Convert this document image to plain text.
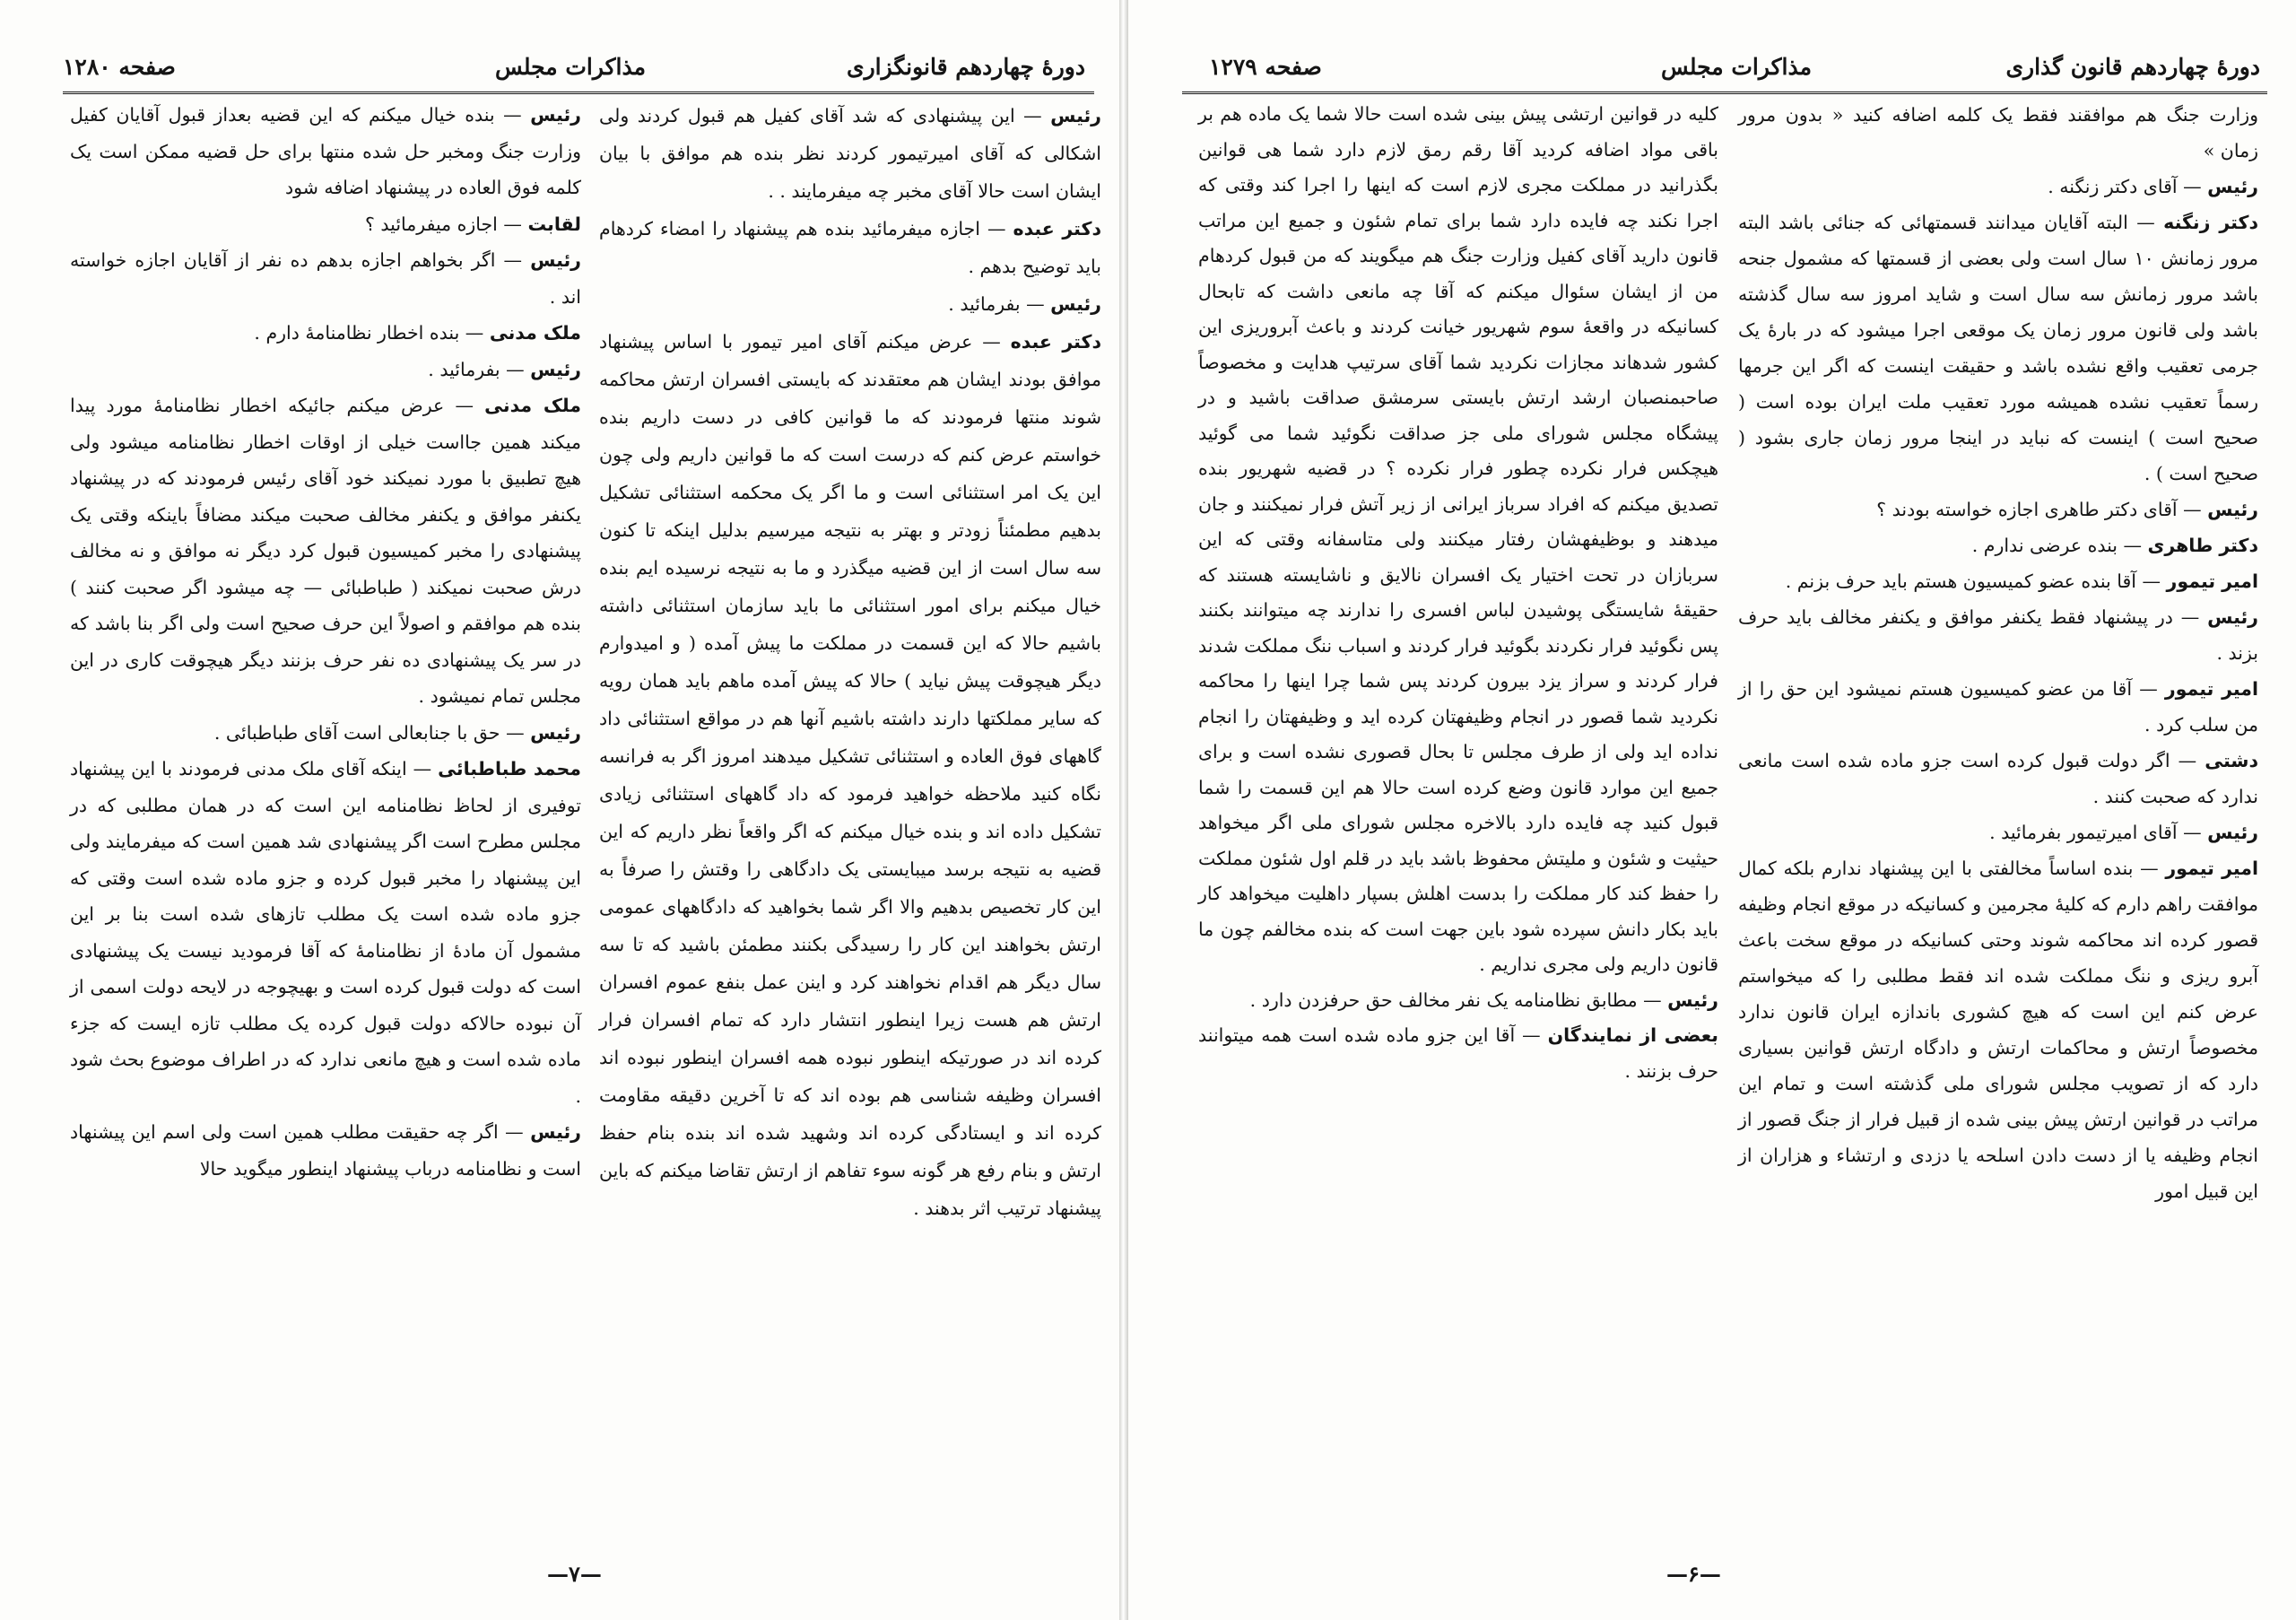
دورۀ چهاردهم قانونگزاری
مذاکرات مجلس
صفحه ۱۲۸۰

رئیس — این پیشنهادی که شد آقای کفیل هم قبول کردند ولی اشکالی که آقای امیرتیمور کردند نظر بنده هم موافق با بیان ایشان است حالا آقای مخبر چه میفرمایند . .

دکتر عبده — اجازه میفرمائید بنده هم پیشنهاد را امضاء کردهام باید توضیح بدهم .

رئیس — بفرمائید .

دکتر عبده — عرض میکنم آقای امیر تیمور با اساس پیشنهاد موافق بودند ایشان هم معتقدند که بایستی افسران ارتش محاکمه شوند منتها فرمودند که ما قوانین کافی در دست داریم بنده خواستم عرض کنم که درست است که ما قوانین داریم ولی چون این یک امر استثنائی است و ما اگر یک محکمه استثنائی تشکیل بدهیم مطمئناً زودتر و بهتر به نتیجه میرسیم بدلیل اینکه تا کنون سه سال است از این قضیه میگذرد و ما به نتیجه نرسیده ایم بنده خیال میکنم برای امور استثنائی ما باید سازمان استثنائی داشته باشیم حالا که این قسمت در مملکت ما پیش آمده ( و امیدوارم دیگر هیچوقت پیش نیاید ) حالا که پیش آمده ماهم باید همان رویه که سایر مملکتها دارند داشته باشیم آنها هم در مواقع استثنائی داد گاههای فوق العاده و استثنائی تشکیل میدهند امروز اگر به فرانسه نگاه کنید ملاحظه خواهید فرمود که داد گاههای استثنائی زیادی تشکیل داده اند و بنده خیال میکنم که اگر واقعاً نظر داریم که این قضیه به نتیجه برسد میبایستی یک دادگاهی را وقتش را صرفاً به این کار تخصیص بدهیم والا اگر شما بخواهید که دادگاههای عمومی ارتش بخواهند این کار را رسیدگی بکنند مطمئن باشید که تا سه سال دیگر هم اقدام نخواهند کرد و اینن عمل بنفع عموم افسران ارتش هم هست زیرا اینطور انتشار دارد که تمام افسران فرار کرده اند در صورتیکه اینطور نبوده همه افسران اینطور نبوده اند افسران وظیفه شناسی هم بوده اند که تا آخرین دقیقه مقاومت کرده اند و ایستادگی کرده اند وشهید شده اند بنده بنام حفظ ارتش و بنام رفع هر گونه سوء تفاهم از ارتش تقاضا میکنم که باین پیشنهاد ترتیب اثر بدهند .

رئیس — بنده خیال میکنم که این قضیه بعداز قبول آقایان کفیل وزارت جنگ ومخبر حل شده منتها برای حل قضیه ممکن است یک کلمه فوق العاده در پیشنهاد اضافه شود

لقابت — اجازه میفرمائید ؟

رئیس — اگر بخواهم اجازه بدهم ده نفر از آقایان اجازه خواسته اند .

ملک مدنی — بنده اخطار نظامنامۀ دارم .

رئیس — بفرمائید .

ملک مدنی — عرض میکنم جائیکه اخطار نظامنامۀ مورد پیدا میکند همین جااست خیلی از اوقات اخطار نظامنامه میشود ولی هیچ تطبیق با مورد نمیکند خود آقای رئیس فرمودند که در پیشنهاد یکنفر موافق و یکنفر مخالف صحبت میکند مضافاً باینکه وقتی یک پیشنهادی را مخبر کمیسیون قبول کرد دیگر نه موافق و نه مخالف درش صحبت نمیکند ( طباطبائی — چه میشود اگر صحبت کنند ) بنده هم موافقم و اصولاً این حرف صحیح است ولی اگر بنا باشد که در سر یک پیشنهادی ده نفر حرف بزنند دیگر هیچوقت کاری در این مجلس تمام نمیشود .

رئیس — حق با جنابعالی است آقای طباطبائی .

محمد طباطبائی — اینکه آقای ملک مدنی فرمودند با این پیشنهاد توفیری از لحاظ نظامنامه این است که در همان مطلبی که در مجلس مطرح است اگر پیشنهادی شد همین است که میفرمایند ولی این پیشنهاد را مخبر قبول کرده و جزو ماده شده است وقتی که جزو ماده شده است یک مطلب تازهای شده است بنا بر این مشمول آن مادۀ از نظامنامۀ که آقا فرمودید نیست یک پیشنهادی است که دولت قبول کرده است و بهیچوجه در لایحه دولت اسمی از آن نبوده حالاکه دولت قبول کرده یک مطلب تازه ایست که جزء ماده شده است و هیچ مانعی ندارد که در اطراف موضوع بحث شود .

رئیس — اگر چه حقیقت مطلب همین است ولی اسم این پیشنهاد است و نظامنامه درباب پیشنهاد اینطور میگوید حالا

—۷—
دورۀ چهاردهم قانون گذاری
مذاکرات مجلس
صفحه ۱۲۷۹

وزارت جنگ هم موافقند فقط یک کلمه اضافه کنید « بدون مرور زمان »

رئیس — آقای دکتر زنگنه .

دکتر زنگنه — البته آقایان میدانند قسمتهائی که جنائی باشد البته مرور زمانش ۱۰ سال است ولی بعضی از قسمتها که مشمول جنحه باشد مرور زمانش سه سال است و شاید امروز سه سال گذشته باشد ولی قانون مرور زمان یک موقعی اجرا میشود که در بارۀ یک جرمی تعقیب واقع نشده باشد و حقیقت اینست که اگر این جرمها رسماً تعقیب نشده همیشه مورد تعقیب ملت ایران بوده است ( صحیح است ) اینست که نباید در اینجا مرور زمان جاری بشود ( صحیح است ) .

رئیس — آقای دکتر طاهری اجازه خواسته بودند ؟

دکتر طاهری — بنده عرضی ندارم .

امیر تیمور — آقا بنده عضو کمیسیون هستم باید حرف بزنم .

رئیس — در پیشنهاد فقط یکنفر موافق و یکنفر مخالف باید حرف بزند .

امیر تیمور — آقا من عضو کمیسیون هستم نمیشود این حق را از من سلب کرد .

دشتی — اگر دولت قبول کرده است جزو ماده شده است مانعی ندارد که صحبت کنند .

رئیس — آقای امیرتیمور بفرمائید .

امیر تیمور — بنده اساساً مخالفتی با این پیشنهاد ندارم بلکه کمال موافقت راهم دارم که کلیۀ مجرمین و کسانیکه در موقع انجام وظیفه قصور کرده اند محاکمه شوند وحتی کسانیکه در موقع سخت باعث آبرو ریزی و ننگ مملکت شده اند فقط مطلبی را که میخواستم عرض کنم این است که هیچ کشوری باندازه ایران قانون ندارد مخصوصاً ارتش و محاکمات ارتش و دادگاه ارتش قوانین بسیاری دارد که از تصویب مجلس شورای ملی گذشته است و تمام این مراتب در قوانین ارتش پیش بینی شده از قبیل فرار از جنگ قصور از انجام وظیفه یا از دست دادن اسلحه یا دزدی و ارتشاء و هزاران از این قبیل امور

کلیه در قوانین ارتشی پیش بینی شده است حالا شما یک ماده هم بر باقی مواد اضافه کردید آقا رقم رمق لازم دارد شما هی قوانین بگذرانید در مملکت مجری لازم است که اینها را اجرا کند وقتی که اجرا نکند چه فایده دارد شما برای تمام شئون و جمیع این مراتب قانون دارید آقای کفیل وزارت جنگ هم میگویند که من قبول کردهام من از ایشان سئوال میکنم که آقا چه مانعی داشت که تابحال کسانیکه در واقعۀ سوم شهریور خیانت کردند و باعث آبروریزی این کشور شدهاند مجازات نکردید شما آقای سرتیپ هدایت و مخصوصاً صاحبمنصبان ارشد ارتش بایستی سرمشق صداقت باشید و در پیشگاه مجلس شورای ملی جز صداقت نگوئید شما می گوئید هیچکس فرار نکرده چطور فرار نکرده ؟ در قضیه شهریور بنده تصدیق میکنم که افراد سرباز ایرانی از زیر آتش فرار نمیکنند و جان میدهند و بوظیفهشان رفتار میکنند ولی متاسفانه وقتی که این سربازان در تحت اختیار یک افسران نالایق و ناشایسته هستند که حقیقۀ شایستگی پوشیدن لباس افسری را ندارند چه میتوانند بکنند پس نگوئید فرار نکردند بگوئید فرار کردند و اسباب ننگ مملکت شدند فرار کردند و سراز یزد بیرون کردند پس شما چرا اینها را محاکمه نکردید شما قصور در انجام وظیفهتان کرده اید و وظیفهتان را انجام نداده اید ولی از طرف مجلس تا بحال قصوری نشده است و برای جمیع این موارد قانون وضع کرده است حالا هم این قسمت را شما قبول کنید چه فایده دارد بالاخره مجلس شورای ملی اگر میخواهد حیثیت و شئون و ملیتش محفوظ باشد باید در قلم اول شئون مملکت را حفظ کند کار مملکت را بدست اهلش بسپار داهلیت میخواهد کار باید بکار دانش سپرده شود باین جهت است که بنده مخالفم چون ما قانون داریم ولی مجری نداریم .

رئیس — مطابق نظامنامه یک نفر مخالف حق حرفزدن دارد .

بعضی از نمایندگان — آقا این جزو ماده شده است همه میتوانند حرف بزنند .

—۶—
